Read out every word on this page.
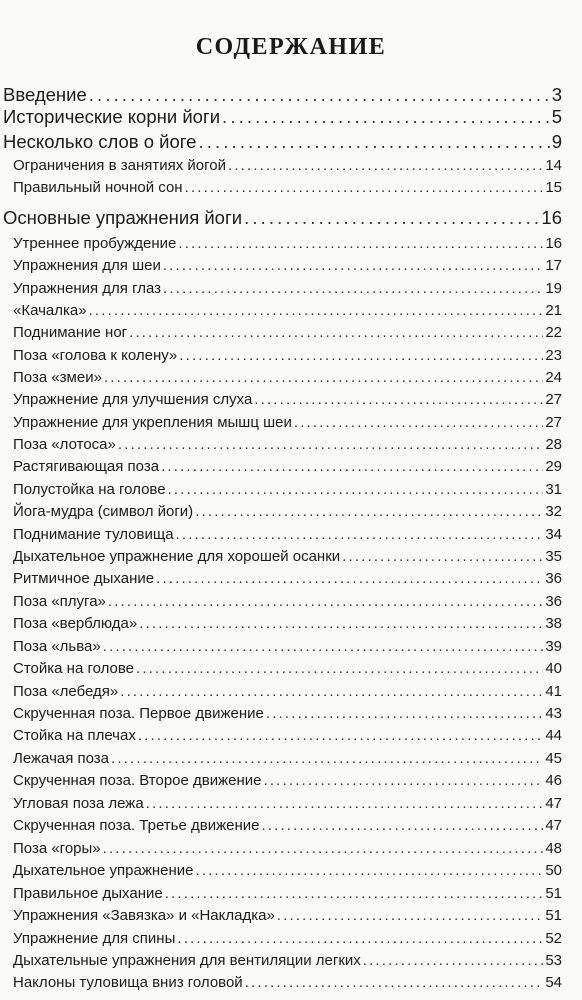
СОДЕРЖАНИЕ
Введение . . .	3
Исторические корни йоги . . .	5
Несколько слов о йоге . . .	9
Ограничения в занятиях йогой . . .	14
Правильный ночной сон . . .	15
Основные упражнения йоги . . .	16
Утреннее пробуждение . . .	16
Упражнения для шеи . . .	17
Упражнения для глаз . . .	19
«Качалка» . . .	21
Поднимание ног . . .	22
Поза «голова к колену» . . .	23
Поза «змеи» . . .	24
Упражнение для улучшения слуха . . .	27
Упражнение для укрепления мышц шеи . . .	27
Поза «лотоса» . . .	28
Растягивающая поза . . .	29
Полустойка на голове . . .	31
Йога-мудра (символ йоги) . . .	32
Поднимание туловища . . .	34
Дыхательное упражнение для хорошей осанки . . .	35
Ритмичное дыхание . . .	36
Поза «плуга» . . .	36
Поза «верблюда» . . .	38
Поза «льва» . . .	39
Стойка на голове . . .	40
Поза «лебедя» . . .	41
Скрученная поза. Первое движение . . .	43
Стойка на плечах . . .	44
Лежачая поза . . .	45
Скрученная поза. Второе движение . . .	46
Угловая поза лежа . . .	47
Скрученная поза. Третье движение . . .	47
Поза «горы» . . .	48
Дыхательное упражнение . . .	50
Правильное дыхание . . .	51
Упражнения «Завязка» и «Накладка» . . .	51
Упражнение для спины . . .	52
Дыхательные упражнения для вентиляции легких . . .	53
Наклоны туловища вниз головой . . .	54
